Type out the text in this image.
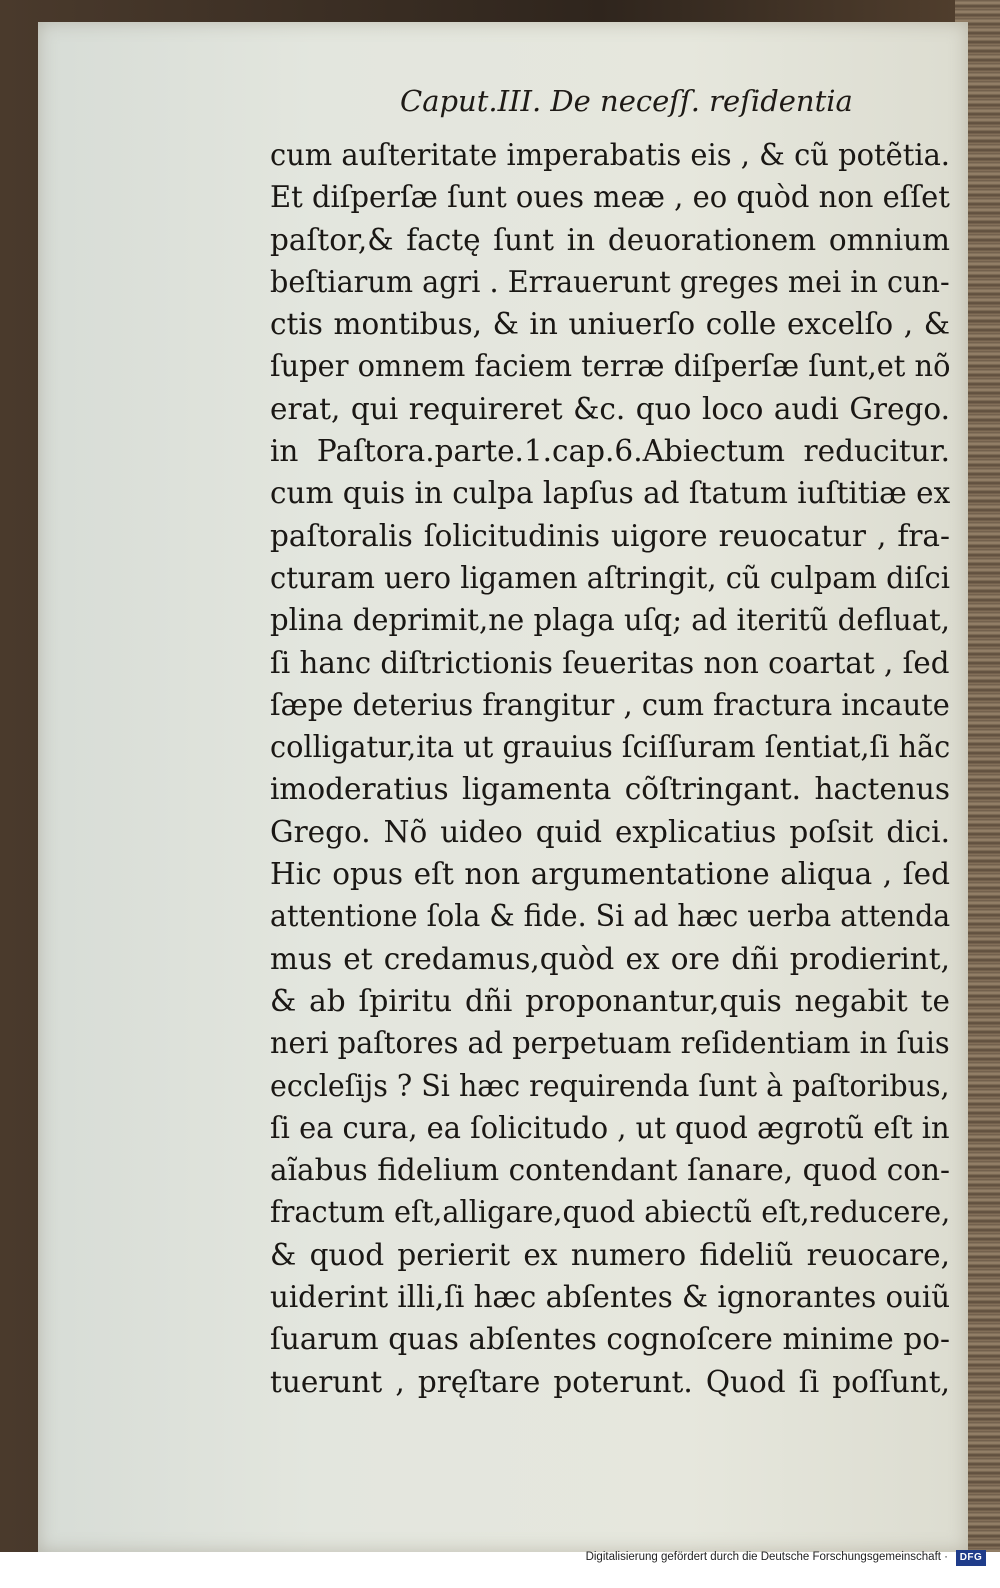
Caput.III. De neceſſ. reſidentia
cum auſteritate imperabatis eis , & cũ potẽtia.
Et diſperſæ ſunt oues meæ , eo quòd non eſſet
paſtor,& factę ſunt in deuorationem omnium
beſtiarum agri . Errauerunt greges mei in cun-
ctis montibus, & in uniuerſo colle excelſo , &
ſuper omnem faciem terræ diſperſæ ſunt,et nõ
erat, qui requireret &c. quo loco audi Grego.
in Paſtora.parte.1.cap.6.Abiectum reducitur.
cum quis in culpa lapſus ad ſtatum iuſtitiæ ex
paſtoralis ſolicitudinis uigore reuocatur , fra-
cturam uero ligamen aſtringit, cũ culpam diſci
plina deprimit,ne plaga uſq; ad iteritũ defluat,
ſi hanc diſtrictionis ſeueritas non coartat , ſed
ſæpe deterius frangitur , cum fractura incaute
colligatur,ita ut grauius ſciſſuram ſentiat,ſi hãc
imoderatius ligamenta cõſtringant. hactenus
Grego. Nõ uideo quid explicatius poſsit dici.
Hic opus eſt non argumentatione aliqua , ſed
attentione ſola & fide. Si ad hæc uerba attenda
mus et credamus,quòd ex ore dñi prodierint,
& ab ſpiritu dñi proponantur,quis negabit te
neri paſtores ad perpetuam reſidentiam in ſuis
eccleſijs ? Si hæc requirenda ſunt à paſtoribus,
ſi ea cura, ea ſolicitudo , ut quod ægrotũ eſt in
aĩabus fidelium contendant ſanare, quod con-
fractum eſt,alligare,quod abiectũ eſt,reducere,
& quod perierit ex numero fideliũ reuocare,
uiderint illi,ſi hæc abſentes & ignorantes ouiũ
ſuarum quas abſentes cognoſcere minime po-
tuerunt , pręſtare poterunt. Quod ſi poſſunt,
Digitalisierung gefördert durch die Deutsche Forschungsgemeinschaft ·	DFG
